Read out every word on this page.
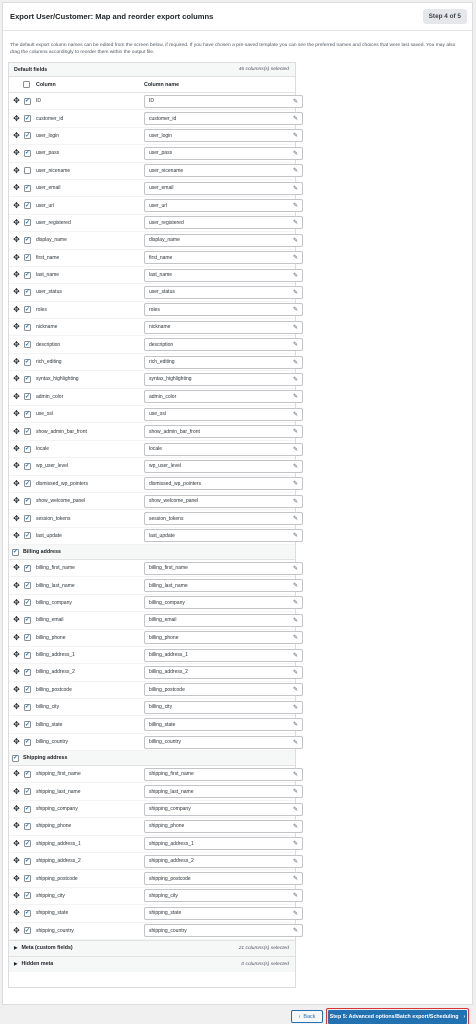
Export User/Customer: Map and reorder export columns	Step 4 of 5
The default export column names can be edited from the screen below, if required. If you have chosen a pre-saved template you can see the preferred names and choices that were last saved. You may also drag the columns accordingly to reorder them within the output file.
Default fields	46 columns(s) selected
Column	Column name
✥ ✓	ID	ID	✎
✥ ✓	customer_id	customer_id	✎
✥ ✓	user_login	user_login	✎
✥ ✓	user_pass	user_pass	✎
✥	user_nicename	user_nicename	✎
✥ ✓	user_email	user_email	✎
✥ ✓	user_url	user_url	✎
✥ ✓	user_registered	user_registered	✎
✥ ✓	display_name	display_name	✎
✥ ✓	first_name	first_name	✎
✥ ✓	last_name	last_name	✎
✥ ✓	user_status	user_status	✎
✥ ✓	roles	roles	✎
✥ ✓	nickname	nickname	✎
✥ ✓	description	description	✎
✥ ✓	rich_editing	rich_editing	✎
✥ ✓	syntax_highlighting	syntax_highlighting	✎
✥ ✓	admin_color	admin_color	✎
✥ ✓	use_ssl	use_ssl	✎
✥ ✓	show_admin_bar_front	show_admin_bar_front	✎
✥ ✓	locale	locale	✎
✥ ✓	wp_user_level	wp_user_level	✎
✥ ✓	dismissed_wp_pointers	dismissed_wp_pointers	✎
✥ ✓	show_welcome_panel	show_welcome_panel	✎
✥ ✓	session_tokens	session_tokens	✎
✥ ✓	last_update	last_update	✎
✓
Billing address
✥ ✓	billing_first_name	billing_first_name	✎
✥ ✓	billing_last_name	billing_last_name	✎
✥ ✓	billing_company	billing_company	✎
✥ ✓	billing_email	billing_email	✎
✥ ✓	billing_phone	billing_phone	✎
✥ ✓	billing_address_1	billing_address_1	✎
✥ ✓	billing_address_2	billing_address_2	✎
✥ ✓	billing_postcode	billing_postcode	✎
✥ ✓	billing_city	billing_city	✎
✥ ✓	billing_state	billing_state	✎
✥ ✓	billing_country	billing_country	✎
✓
Shipping address
✥ ✓	shipping_first_name	shipping_first_name	✎
✥ ✓	shipping_last_name	shipping_last_name	✎
✥ ✓	shipping_company	shipping_company	✎
✥ ✓	shipping_phone	shipping_phone	✎
✥ ✓	shipping_address_1	shipping_address_1	✎
✥ ✓	shipping_address_2	shipping_address_2	✎
✥ ✓	shipping_postcode	shipping_postcode	✎
✥ ✓	shipping_city	shipping_city	✎
✥ ✓	shipping_state	shipping_state	✎
✥ ✓	shipping_country	shipping_country	✎
▶ Meta (custom fields)	21 columns(s) selected
▶ Hidden meta	0 columns(s) selected
‹ Back	Step 5: Advanced options/Batch export/Scheduling ›
